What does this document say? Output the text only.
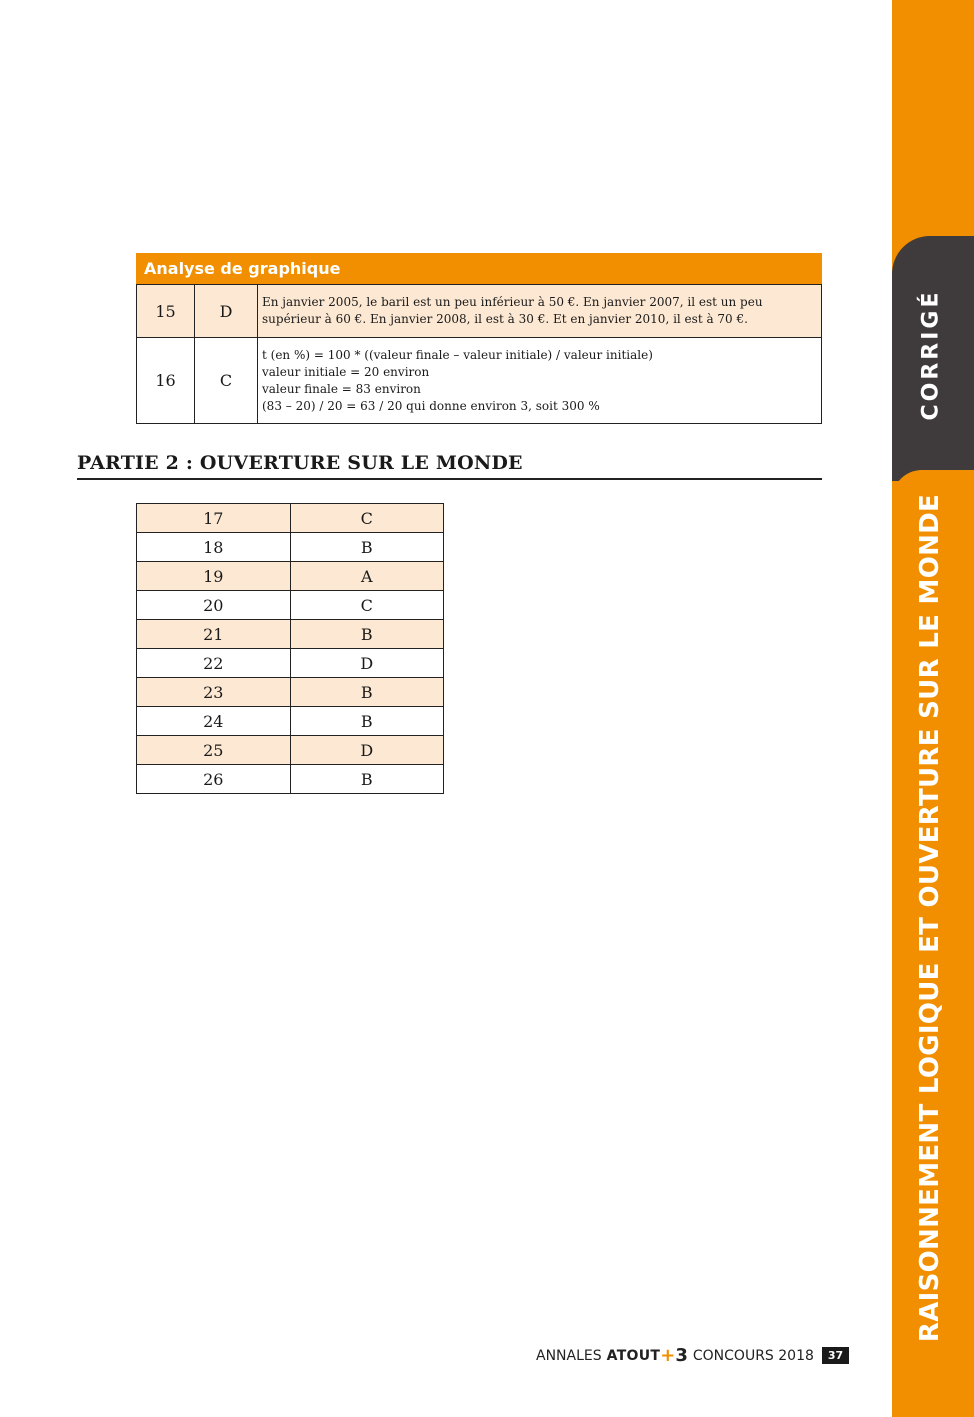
CORRIGÉ
RAISONNEMENT LOGIQUE ET OUVERTURE SUR LE MONDE
Analyse de graphique
15	D	En janvier 2005, le baril est un peu inférieur à 50 €. En janvier 2007, il est un peu
supérieur à 60 €. En janvier 2008, il est à 30 €. Et en janvier 2010, il est à 70 €.

16	C	t (en %) = 100 * ((valeur finale – valeur initiale) / valeur initiale)
valeur initiale = 20 environ
valeur finale = 83 environ
(83 – 20) / 20 = 63 / 20 qui donne environ 3, soit 300 %
PARTIE 2 : OUVERTURE SUR LE MONDE
17	C
18	B
19	A
20	C
21	B
22	D
23	B
24	B
25	D
26	B
ANNALES ATOUT + 3 CONCOURS 2018	37
